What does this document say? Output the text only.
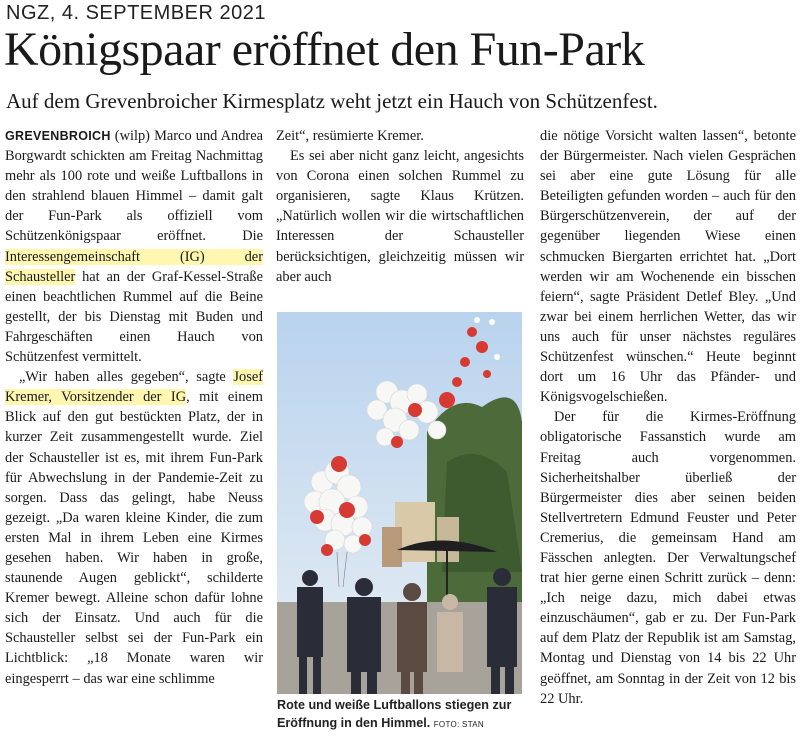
NGZ, 4. SEPTEMBER 2021
Königspaar eröffnet den Fun-Park
Auf dem Grevenbroicher Kirmesplatz weht jetzt ein Hauch von Schützenfest.

GREVENBROICH (wilp) Marco und Andrea Borgwardt schickten am Freitag Nachmittag mehr als 100 rote und weiße Luftballons in den strahlend blauen Himmel – damit galt der Fun-Park als offiziell vom Schützenkönigspaar eröffnet. Die Interessengemeinschaft (IG) der Schausteller hat an der Graf-Kessel-Straße einen beachtlichen Rummel auf die Beine gestellt, der bis Dienstag mit Buden und Fahrgeschäften einen Hauch von Schützenfest vermittelt.

„Wir haben alles gegeben“, sagte Josef Kremer, Vorsitzender der IG, mit einem Blick auf den gut bestückten Platz, der in kurzer Zeit zusammengestellt wurde. Ziel der Schausteller ist es, mit ihrem Fun-Park für Abwechslung in der Pandemie-Zeit zu sorgen. Dass das gelingt, habe Neuss gezeigt. „Da waren kleine Kinder, die zum ersten Mal in ihrem Leben eine Kirmes gesehen haben. Wir haben in große, staunende Augen geblickt“, schilderte Kremer bewegt. Alleine schon dafür lohne sich der Einsatz. Und auch für die Schausteller selbst sei der Fun-Park ein Lichtblick: „18 Monate waren wir eingesperrt – das war eine schlimme

Zeit“, resümierte Kremer.

Es sei aber nicht ganz leicht, angesichts von Corona einen solchen Rummel zu organisieren, sagte Klaus Krützen. „Natürlich wollen wir die wirtschaftlichen Interessen der Schausteller berücksichtigen, gleichzeitig müssen wir aber auch

die nötige Vorsicht walten lassen“, betonte der Bürgermeister. Nach vielen Gesprächen sei aber eine gute Lösung für alle Beteiligten gefunden worden – auch für den Bürgerschützenverein, der auf der gegenüber liegenden Wiese einen schmucken Biergarten errichtet hat. „Dort werden wir am Wochenende ein bisschen feiern“, sagte Präsident Detlef Bley. „Und zwar bei einem herrlichen Wetter, das wir uns auch für unser nächstes reguläres Schützenfest wünschen.“ Heute beginnt dort um 16 Uhr das Pfänder- und Königsvogelschießen.

Der für die Kirmes-Eröffnung obligatorische Fassanstich wurde am Freitag auch vorgenommen. Sicherheitshalber überließ der Bürgermeister dies aber seinen beiden Stellvertretern Edmund Feuster und Peter Cremerius, die gemeinsam Hand am Fässchen anlegten. Der Verwaltungschef trat hier gerne einen Schritt zurück – denn: „Ich neige dazu, mich dabei etwas einzuschäumen“, gab er zu. Der Fun-Park auf dem Platz der Republik ist am Samstag, Montag und Dienstag von 14 bis 22 Uhr geöffnet, am Sonntag in der Zeit von 12 bis 22 Uhr.

Rote und weiße Luftballons stiegen zur Eröffnung in den Himmel. FOTO: STAN
